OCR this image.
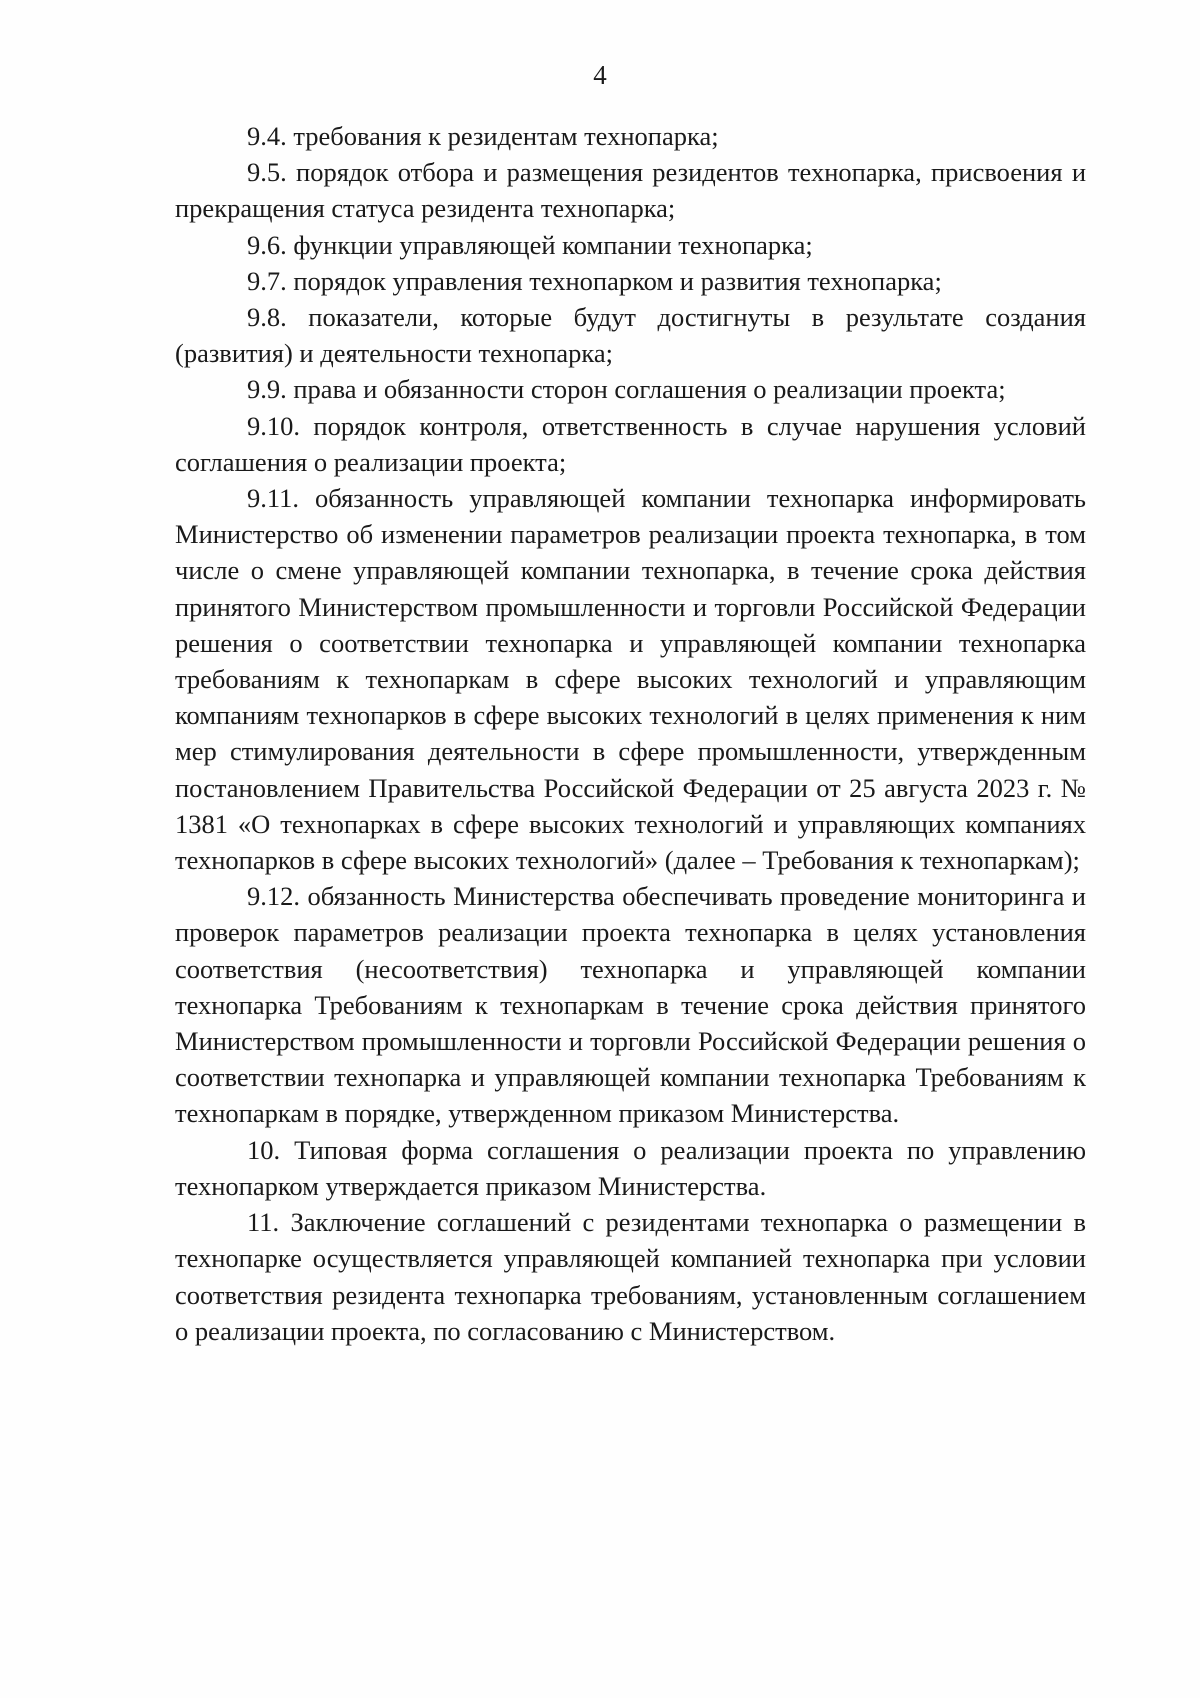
4

9.4. требования к резидентам технопарка;

9.5. порядок отбора и размещения резидентов технопарка, присвоения и прекращения статуса резидента технопарка;

9.6. функции управляющей компании технопарка;

9.7. порядок управления технопарком и развития технопарка;

9.8. показатели, которые будут достигнуты в результате создания (развития) и деятельности технопарка;

9.9. права и обязанности сторон соглашения о реализации проекта;

9.10. порядок контроля, ответственность в случае нарушения условий соглашения о реализации проекта;

9.11. обязанность управляющей компании технопарка информировать Министерство об изменении параметров реализации проекта технопарка, в том числе о смене управляющей компании технопарка, в течение срока действия принятого Министерством промышленности и торговли Российской Федерации решения о соответствии технопарка и управляющей компании технопарка требованиям к технопаркам в сфере высоких технологий и управляющим компаниям технопарков в сфере высоких технологий в целях применения к ним мер стимулирования деятельности в сфере промышленности, утвержденным постановлением Правительства Российской Федерации от 25 августа 2023 г. № 1381 «О технопарках в сфере высоких технологий и управляющих компаниях технопарков в сфере высоких технологий» (далее – Требования к технопаркам);

9.12. обязанность Министерства обеспечивать проведение мониторинга и проверок параметров реализации проекта технопарка в целях установления соответствия (несоответствия) технопарка и управляющей компании технопарка Требованиям к технопаркам в течение срока действия принятого Министерством промышленности и торговли Российской Федерации решения о соответствии технопарка и управляющей компании технопарка Требованиям к технопаркам в порядке, утвержденном приказом Министерства.

10. Типовая форма соглашения о реализации проекта по управлению технопарком утверждается приказом Министерства.

11. Заключение соглашений с резидентами технопарка о размещении в технопарке осуществляется управляющей компанией технопарка при условии соответствия резидента технопарка требованиям, установленным соглашением о реализации проекта, по согласованию с Министерством.
